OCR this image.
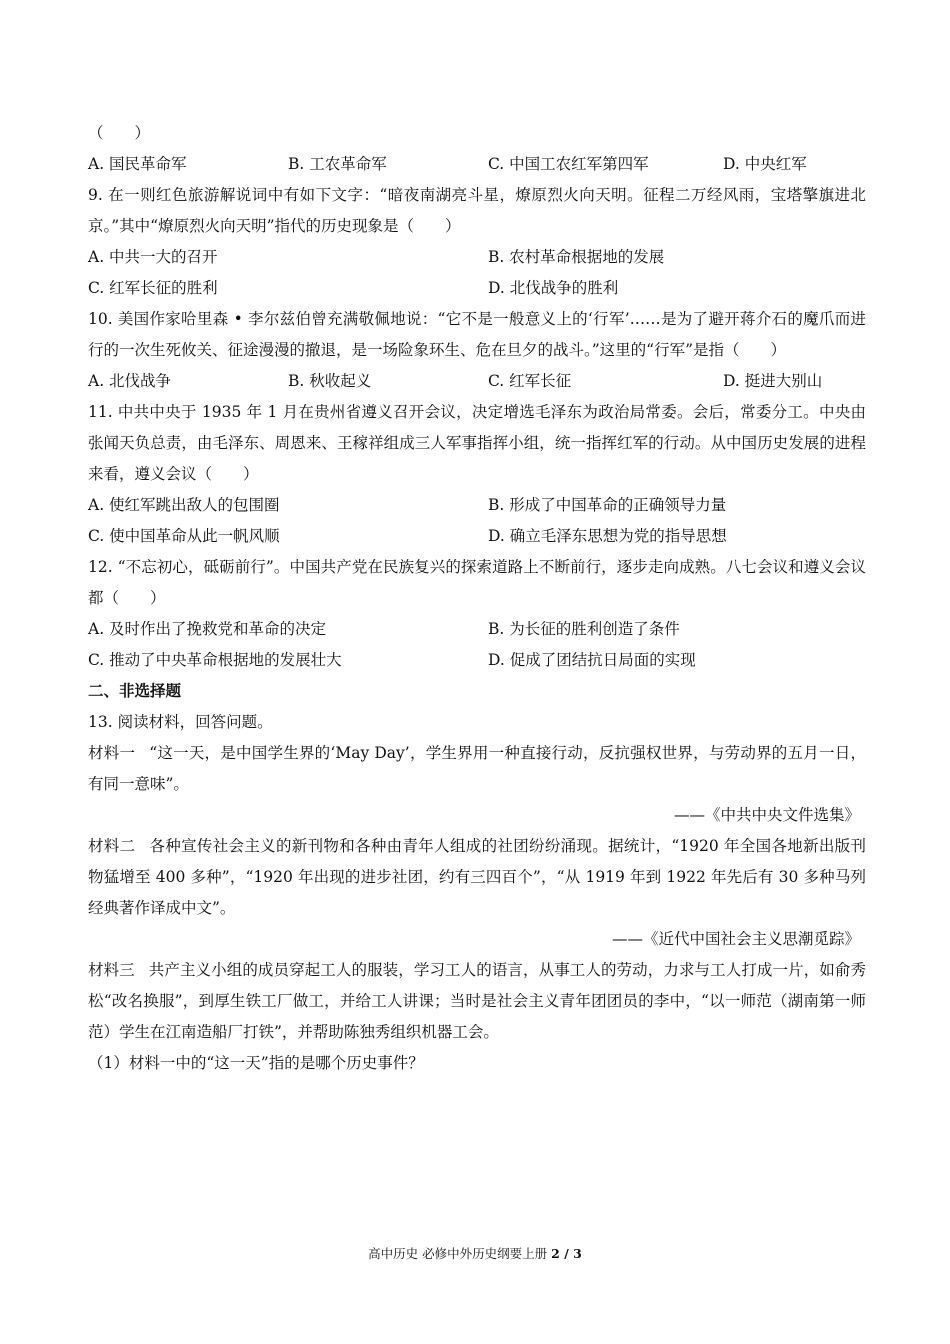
（　　）
A. 国民革命军	B. 工农革命军	C. 中国工农红军第四军	D. 中央红军
9. 在一则红色旅游解说词中有如下文字：“暗夜南湖亮斗星，燎原烈火向天明。征程二万经风雨，宝塔擎旗进北京。”其中“燎原烈火向天明”指代的历史现象是（　　）
A. 中共一大的召开	B. 农村革命根据地的发展
C. 红军长征的胜利	D. 北伐战争的胜利
10. 美国作家哈里森 • 李尔兹伯曾充满敬佩地说：“它不是一般意义上的‘行军’……是为了避开蒋介石的魔爪而进行的一次生死攸关、征途漫漫的撤退，是一场险象环生、危在旦夕的战斗。”这里的“行军”是指（　　）
A. 北伐战争	B. 秋收起义	C. 红军长征	D. 挺进大别山
11. 中共中央于 1935 年 1 月在贵州省遵义召开会议，决定增选毛泽东为政治局常委。会后，常委分工。中央由张闻天负总责，由毛泽东、周恩来、王稼祥组成三人军事指挥小组，统一指挥红军的行动。从中国历史发展的进程来看，遵义会议（　　）
A. 使红军跳出敌人的包围圈	B. 形成了中国革命的正确领导力量
C. 使中国革命从此一帆风顺	D. 确立毛泽东思想为党的指导思想
12. “不忘初心，砥砺前行”。中国共产党在民族复兴的探索道路上不断前行，逐步走向成熟。八七会议和遵义会议都（　　）
A. 及时作出了挽救党和革命的决定	B. 为长征的胜利创造了条件
C. 推动了中央革命根据地的发展壮大	D. 促成了团结抗日局面的实现
二、非选择题
13. 阅读材料，回答问题。
材料一 “这一天，是中国学生界的‘May Day’，学生界用一种直接行动，反抗强权世界，与劳动界的五月一日，有同一意味”。
——《中共中央文件选集》
材料二 各种宣传社会主义的新刊物和各种由青年人组成的社团纷纷涌现。据统计，“1920 年全国各地新出版刊物猛增至 400 多种”，“1920 年出现的进步社团，约有三四百个”，“从 1919 年到 1922 年先后有 30 多种马列经典著作译成中文”。
——《近代中国社会主义思潮觅踪》
材料三 共产主义小组的成员穿起工人的服装，学习工人的语言，从事工人的劳动，力求与工人打成一片，如俞秀松“改名换服”，到厚生铁工厂做工，并给工人讲课；当时是社会主义青年团团员的李中，“以一师范（湖南第一师范）学生在江南造船厂打铁”，并帮助陈独秀组织机器工会。
（1）材料一中的“这一天”指的是哪个历史事件？
高中历史 必修中外历史纲要上册 2 / 3
